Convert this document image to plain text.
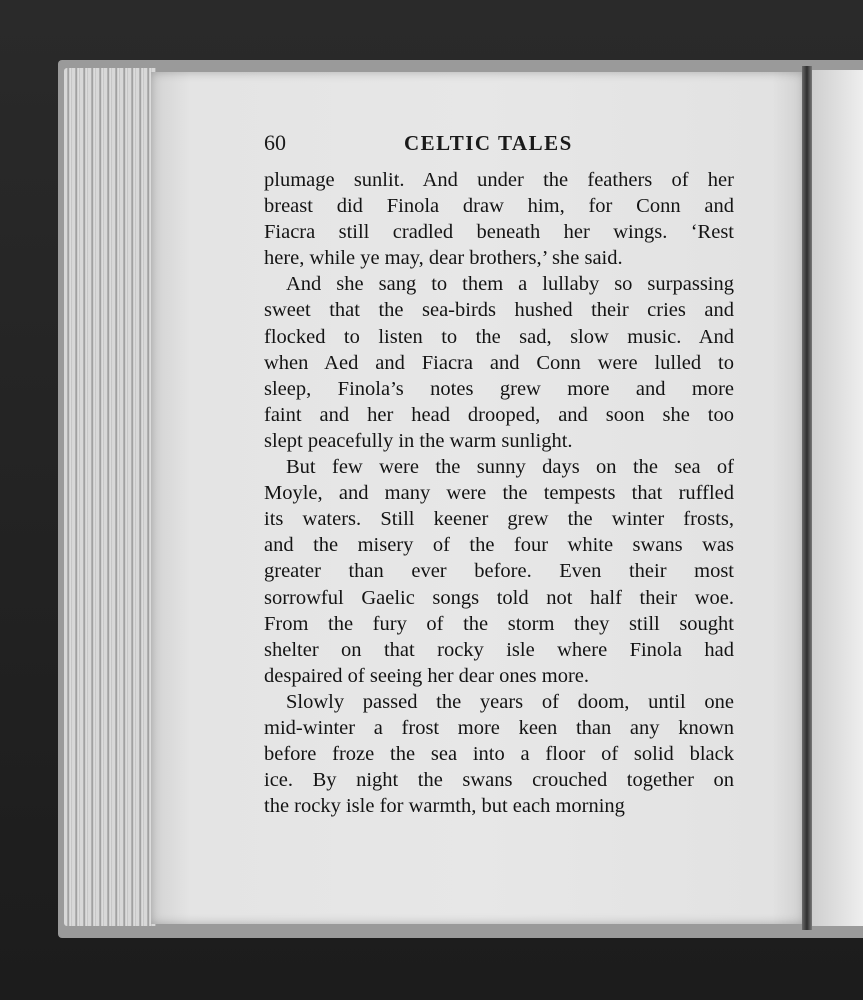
60	CELTIC TALES
plumage sunlit. And under the feathers of her
breast did Finola draw him, for Conn and
Fiacra still cradled beneath her wings. ‘Rest
here, while ye may, dear brothers,’ she said.
And she sang to them a lullaby so surpassing
sweet that the sea-birds hushed their cries and
flocked to listen to the sad, slow music. And
when Aed and Fiacra and Conn were lulled to
sleep, Finola’s notes grew more and more
faint and her head drooped, and soon she too
slept peacefully in the warm sunlight.
But few were the sunny days on the sea of
Moyle, and many were the tempests that ruffled
its waters. Still keener grew the winter frosts,
and the misery of the four white swans was
greater than ever before. Even their most
sorrowful Gaelic songs told not half their woe.
From the fury of the storm they still sought
shelter on that rocky isle where Finola had
despaired of seeing her dear ones more.
Slowly passed the years of doom, until one
mid-winter a frost more keen than any known
before froze the sea into a floor of solid black
ice. By night the swans crouched together on
the rocky isle for warmth, but each morning
